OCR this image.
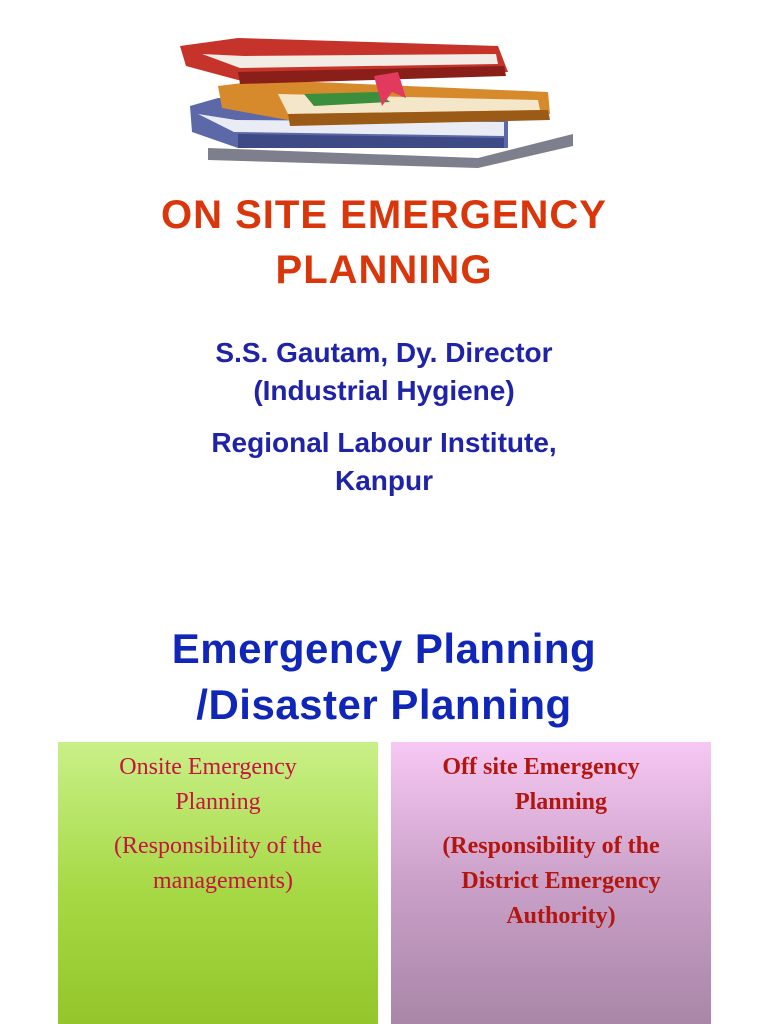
ON SITE EMERGENCY
PLANNING
S.S. Gautam, Dy. Director
(Industrial Hygiene)
Regional Labour Institute,
Kanpur
Emergency Planning
/Disaster Planning
Onsite Emergency
Planning
(Responsibility of the
managements)
Off site Emergency
Planning
(Responsibility of the
District Emergency
Authority)
